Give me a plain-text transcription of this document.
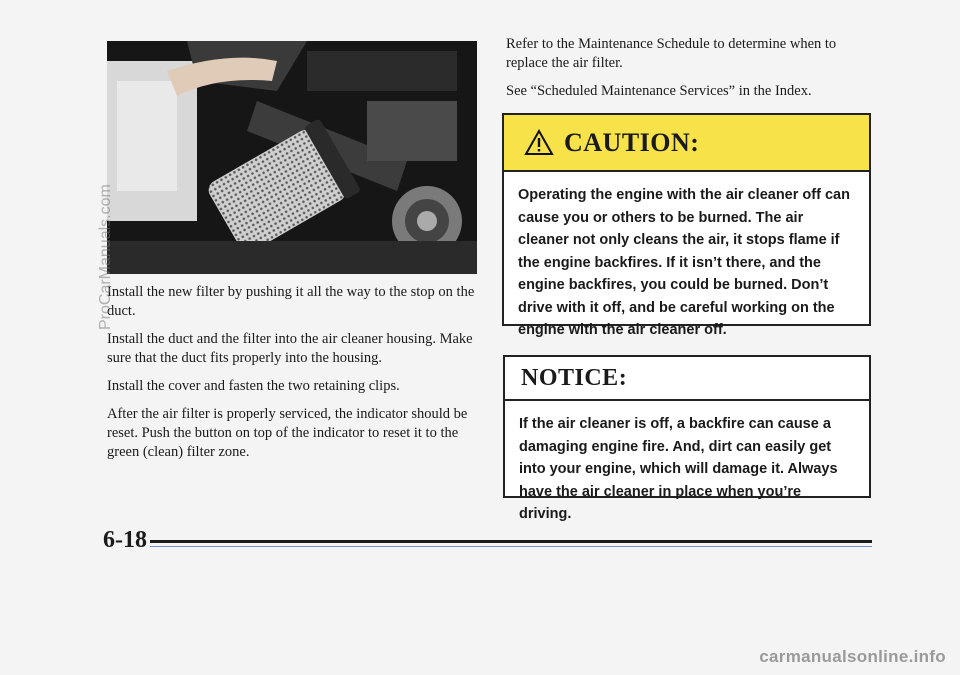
Install the new filter by pushing it all the way to the stop on the duct.

Install the duct and the filter into the air cleaner housing. Make sure that the duct fits properly into the housing.

Install the cover and fasten the two retaining clips.

After the air filter is properly serviced, the indicator should be reset. Push the button on top of the indicator to reset it to the green (clean) filter zone.

Refer to the Maintenance Schedule to determine when to replace the air filter.

See “Scheduled Maintenance Services” in the Index.

CAUTION:
Operating the engine with the air cleaner off can cause you or others to be burned. The air cleaner not only cleans the air, it stops flame if the engine backfires. If it isn’t there, and the engine backfires, you could be burned. Don’t drive with it off, and be careful working on the engine with the air cleaner off.
NOTICE:
If the air cleaner is off, a backfire can cause a damaging engine fire. And, dirt can easily get into your engine, which will damage it. Always have the air cleaner in place when you’re driving.
6-18
ProCarManuals.com
carmanualsonline.info
